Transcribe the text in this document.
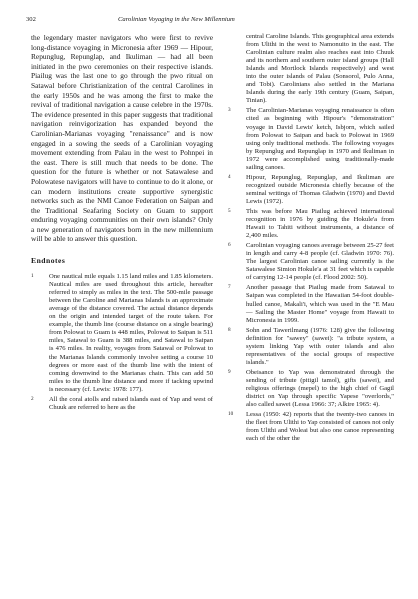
302	Carolinian Voyaging in the New Millennium

the legendary master navigators who were first to revive long-distance voyaging in Micronesia after 1969 — Hipour, Repunglug, Repunglap, and Ikuliman — had all been initiated in the pwo ceremonies on their respective islands. Piailug was the last one to go through the pwo ritual on Satawal before Christianization of the central Carolines in the early 1950s and he was among the first to make the revival of traditional navigation a cause celebre in the 1970s. The evidence presented in this paper suggests that traditional navigation reinvigorization has expanded beyond the Carolinian-Marianas voyaging "renaissance" and is now engaged in a sowing the seeds of a Carolinian voyaging movement extending from Palau in the west to Pohnpei in the east. There is still much that needs to be done. The question for the future is whether or not Satawalese and Polowatese navigators will have to continue to do it alone, or can modern institutions create supportive synergistic networks such as the NMI Canoe Federation on Saipan and the Traditional Seafaring Society on Guam to support enduring voyaging communities on their own islands? Only a new generation of navigators born in the new millennium will be able to answer this question.

Endnotes
1 One nautical mile equals 1.15 land miles and 1.85 kilometers. Nautical miles are used throughout this article, hereafter referred to simply as miles in the text. The 500-mile passage between the Caroline and Marianas Islands is an approximate average of the distance covered. The actual distance depends on the origin and intended target of the route taken. For example, the thumb line (course distance on a single bearing) from Polowat to Guam is 448 miles, Polowat to Saipan is 511 miles, Satawal to Guam is 388 miles, and Satawal to Saipan is 476 miles. In reality, voyages from Satawal or Polowat to the Marianas Islands commonly involve setting a course 10 degrees or more east of the thumb line with the intent of coming downwind to the Marianas chain. This can add 50 miles to the thumb line distance and more if tacking upwind is necessary (cf. Lewis: 1978: 177).
2 All the coral atolls and raised islands east of Yap and west of Chuuk are referred to here as the
central Caroline Islands. This geographical area extends from Ulithi in the west to Namonuito in the east. The Carolinian culture realm also reaches east into Chuuk and its northern and southern outer island groups (Hall Islands and Mortlock Islands respectively) and west into the outer islands of Palau (Sonsorol, Pulo Anna, and Tobi). Carolinians also settled in the Mariana Islands during the early 19th century (Guam, Saipan, Tinian).
3 The Carolinian-Marianas voyaging renaissance is often cited as beginning with Hipour's "demonstration" voyage in David Lewis' ketch, Isbjorn, which sailed from Polowat to Saipan and back to Polowat in 1969 using only traditional methods. The following voyages by Repunglug and Repunglap in 1970 and Ikuliman in 1972 were accomplished using traditionally-made sailing canoes.
4 Hipour, Repunglug, Repunglap, and Ikuliman are recognized outside Micronesia chiefly because of the seminal writings of Thomas Gladwin (1970) and David Lewis (1972).
5 This was before Mau Piailug achieved international recognition in 1976 by guiding the Hokule'a from Hawaii to Tahiti without instruments, a distance of 2,400 miles.
6 Carolinian voyaging canoes average between 25-27 feet in length and carry 4-8 people (cf. Gladwin 1970: 76). The largest Carolinian canoe sailing currently is the Satawalese Simion Hokule'a at 31 feet which is capable of carrying 12-14 people (cf. Flood 2002: 50).
7 Another passage that Piailug made from Satawal to Saipan was completed in the Hawaiian 54-foot double-hulled canoe, Makali'i, which was used in the "E Mau — Sailing the Master Home" voyage from Hawaii to Micronesia in 1999.
8 Sohn and Tawerilmang (1976: 128) give the following definition for "sawey" (sawei): "a tribute system, a system linking Yap with outer islands and also representatives of the social groups of respective islands."
9 Obeisance to Yap was demonstrated through the sending of tribute (pitigil tamol), gifts (sawei), and religious offerings (mepel) to the high chief of Gagil district on Yap through specific Yapese "overlords," also called sawei (Lessa 1966: 37; Alkire 1965: 4).
10 Lessa (1950: 42) reports that the twenty-two canoes in the fleet from Ulithi to Yap consisted of canoes not only from Ulithi and Woleai but also one canoe representing each of the other the
